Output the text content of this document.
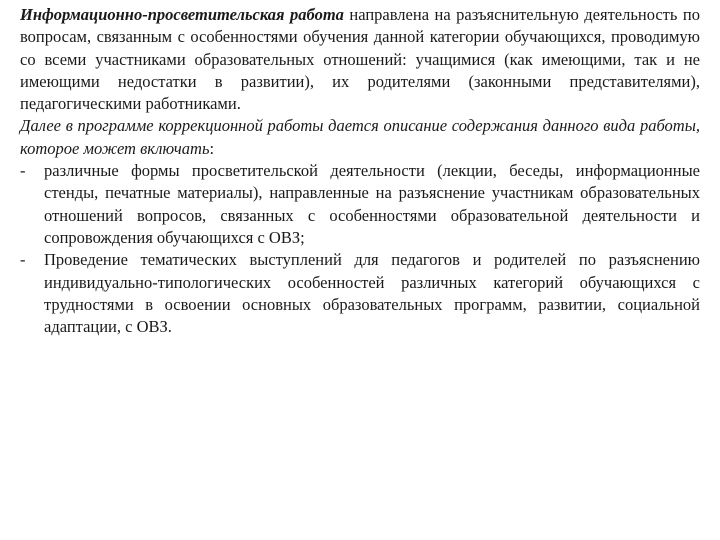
Информационно-просветительская работа направлена на разъяснительную деятельность по вопросам, связанным с особенностями обучения данной категории обучающихся, проводимую со всеми участниками образовательных отношений: учащимися (как имеющими, так и не имеющими недостатки в развитии), их родителями (законными представителями), педагогическими работниками.

Далее в программе коррекционной работы дается описание содержания данного вида работы, которое может включать:

- различные формы просветительской деятельности (лекции, беседы, информационные стенды, печатные материалы), направленные на разъяснение участникам образовательных отношений вопросов, связанных с особенностями образовательной деятельности и сопровождения обучающихся с ОВЗ;
- Проведение тематических выступлений для педагогов и родителей по разъяснению индивидуально-типологических особенностей различных категорий обучающихся с трудностями в освоении основных образовательных программ, развитии, социальной адаптации, с ОВЗ.
